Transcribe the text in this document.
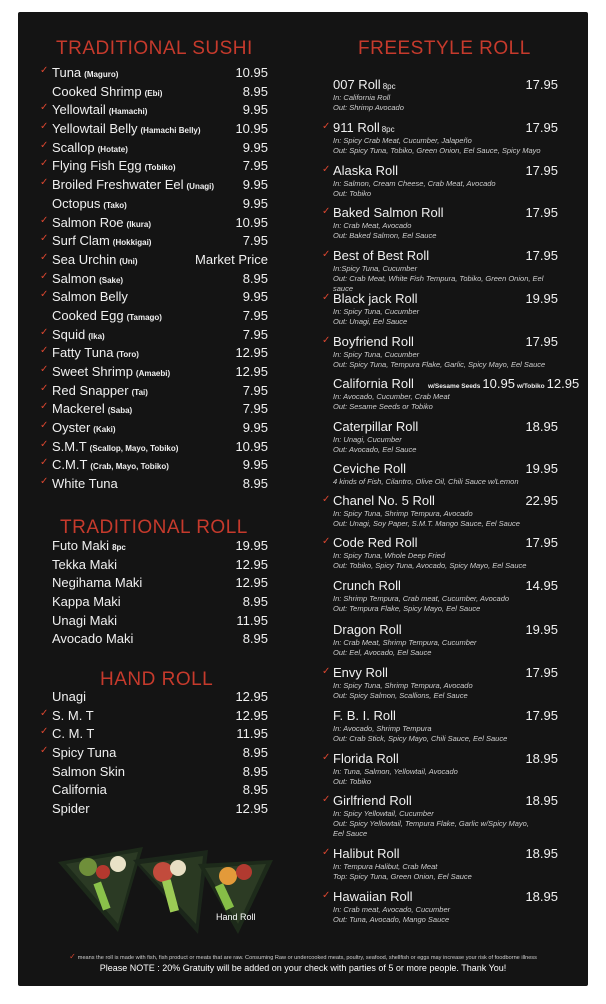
TRADITIONAL SUSHI
✓ Tuna (Maguro)	10.95
Cooked Shrimp (Ebi)	8.95
✓ Yellowtail (Hamachi)	9.95
✓ Yellowtail Belly (Hamachi Belly)	10.95
✓ Scallop (Hotate)	9.95
✓ Flying Fish Egg (Tobiko)	7.95
✓ Broiled Freshwater Eel (Unagi) 9.95
Octopus (Tako)	9.95
✓ Salmon Roe (Ikura)	10.95
✓ Surf Clam (Hokkigai)	7.95
✓ Sea Urchin (Uni)	Market Price
✓ Salmon (Sake)	8.95
✓ Salmon Belly	9.95
Cooked Egg (Tamago)	7.95
✓ Squid (Ika)	7.95
✓ Fatty Tuna (Toro)	12.95
✓ Sweet Shrimp (Amaebi)	12.95
✓ Red Snapper (Tai)	7.95
✓ Mackerel (Saba)	7.95
✓ Oyster (Kaki)	9.95
✓ S.M.T (Scallop, Mayo, Tobiko)	10.95
✓ C.M.T (Crab, Mayo, Tobiko)	9.95
✓ White Tuna	8.95
TRADITIONAL ROLL
Futo Maki 8pc	19.95
Tekka Maki	12.95
Negihama Maki	12.95
Kappa Maki	8.95
Unagi Maki	11.95
Avocado Maki	8.95
HAND ROLL
Unagi	12.95
✓ S. M. T	12.95
✓ C. M. T	11.95
✓ Spicy Tuna	8.95
Salmon Skin	8.95
California	8.95
Spider	12.95
Hand Roll
FREESTYLE ROLL
007 Roll 8pc	17.95
In: California Roll
Out: Shrimp Avocado
✓ 911 Roll 8pc	17.95
In: Spicy Crab Meat, Cucumber, Jalapeño
Out: Spicy Tuna, Tobiko, Green Onion, Eel Sauce, Spicy Mayo
✓ Alaska Roll	17.95
In: Salmon, Cream Cheese, Crab Meat, Avocado
Out: Tobiko
✓ Baked Salmon Roll	17.95
In: Crab Meat, Avocado
Out: Baked Salmon, Eel Sauce
✓ Best of Best Roll	17.95
In:Spicy Tuna, Cucumber
Out: Crab Meat, White Fish Tempura, Tobiko, Green Onion, Eel sauce
✓ Black jack Roll	19.95
In: Spicy Tuna, Cucumber
Out: Unagi, Eel Sauce
✓ Boyfriend Roll	17.95
In: Spicy Tuna, Cucumber
Out: Spicy Tuna, Tempura Flake, Garlic, Spicy Mayo, Eel Sauce
California Roll w/Sesame Seeds 10.95 w/Tobiko 12.95
In: Avocado, Cucumber, Crab Meat
Out: Sesame Seeds or Tobiko
Caterpillar Roll	18.95
In: Unagi, Cucumber
Out: Avocado, Eel Sauce
Ceviche Roll	19.95
4 kinds of Fish, Cilantro, Olive Oil, Chili Sauce w/Lemon
✓ Chanel No. 5 Roll	22.95
In: Spicy Tuna, Shrimp Tempura, Avocado
Out: Unagi, Soy Paper, S.M.T. Mango Sauce, Eel Sauce
✓ Code Red Roll	17.95
In: Spicy Tuna, Whole Deep Fried
Out: Tobiko, Spicy Tuna, Avocado, Spicy Mayo, Eel Sauce
Crunch Roll	14.95
In: Shrimp Tempura, Crab meat, Cucumber, Avocado
Out: Tempura Flake, Spicy Mayo, Eel Sauce
Dragon Roll	19.95
In: Crab Meat, Shrimp Tempura, Cucumber
Out: Eel, Avocado, Eel Sauce
✓ Envy Roll	17.95
In: Spicy Tuna, Shrimp Tempura, Avocado
Out: Spicy Salmon, Scallions, Eel Sauce
F. B. I. Roll	17.95
In: Avocado, Shrimp Tempura
Out: Crab Stick, Spicy Mayo, Chili Sauce, Eel Sauce
✓ Florida Roll	18.95
In: Tuna, Salmon, Yellowtail, Avocado
Out: Tobiko
✓ Girlfriend Roll	18.95
In: Spicy Yellowtail, Cucumber
Out: Spicy Yellowtail, Tempura Flake, Garlic w/Spicy Mayo,
Eel Sauce
✓ Halibut Roll	18.95
In: Tempura Halibut, Crab Meat
Top: Spicy Tuna, Green Onion, Eel Sauce
✓ Hawaiian Roll	18.95
In: Crab meat, Avocado, Cucumber
Out: Tuna, Avocado, Mango Sauce
✓ means the roll is made with fish, fish product or meats that are raw. Consuming Raw or undercooked meats, poultry, seafood, shellfish or eggs may increase your risk of foodborne illness
Please NOTE : 20% Gratuity will be added on your check with parties of 5 or more people. Thank You!
